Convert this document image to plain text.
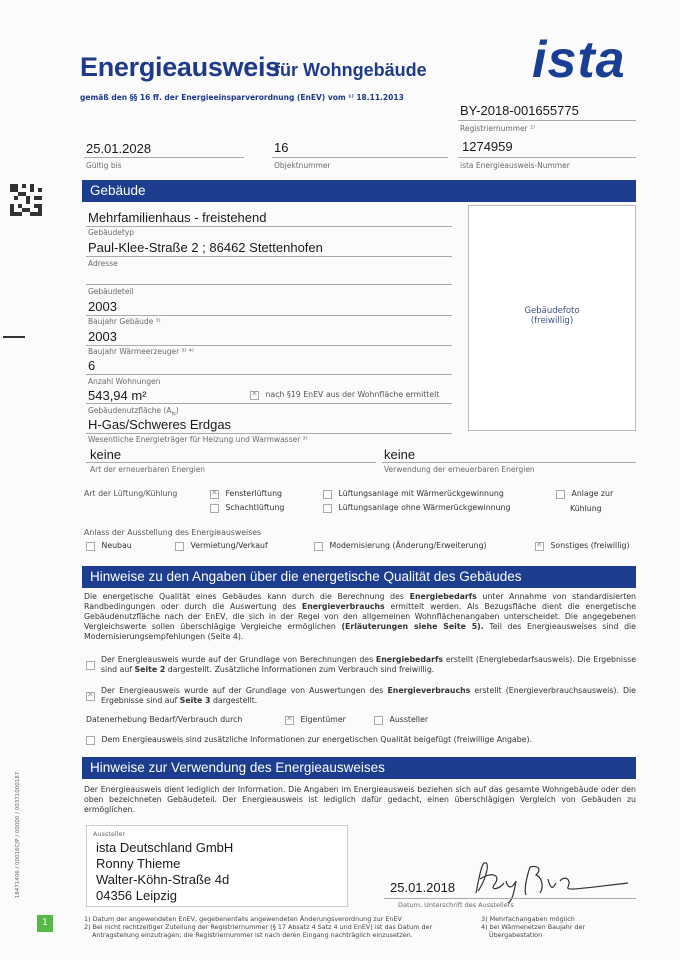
Energieausweis
für Wohngebäude
gemäß den §§ 16 ff. der Energieeinsparverordnung (EnEV) vom ¹⁾ 18.11.2013
ista
BY-2018-001655775
Registriernummer ²⁾
25.01.2028
Gültig bis
16
Objektnummer
1274959
ista Energieausweis-Nummer
Gebäude
Gebäudefoto
(freiwillig)
Mehrfamilienhaus - freistehend
Gebäudetyp
Paul-Klee-Straße 2 ; 86462 Stettenhofen
Adresse
Gebäudeteil
2003
Baujahr Gebäude ³⁾
2003
Baujahr Wärmeerzeuger ³⁾ ⁴⁾
6
Anzahl Wohnungen
543,94 m² ✕	nach §19 EnEV aus der Wohnfläche ermittelt
Gebäudenutzfläche $(A_N)$
H-Gas/Schweres Erdgas
Wesentliche Energieträger für Heizung und Warmwasser ³⁾
keine
Art der erneuerbaren Energien
keine
Verwendung der erneuerbaren Energien
Art der Lüftung/Kühlung ✕	Fensterlüftung
Schachtlüftung
Lüftungsanlage mit Wärmerückgewinnung
Lüftungsanlage ohne Wärmerückgewinnung
Anlage zur
Kühlung
Anlass der Ausstellung des Energieausweises
Neubau	Vermietung/Verkauf	Modernisierung (Änderung/Erweiterung) ✕	Sonstiges (freiwillig)
Hinweise zu den Angaben über die energetische Qualität des Gebäudes
Die energetische Qualität eines Gebäudes kann durch die Berechnung des Energiebedarfs unter Annahme von standardisierten Randbedingungen oder durch die Auswertung des Energieverbrauchs ermittelt werden. Als Bezugsfläche dient die energetische Gebäudenutzfläche nach der EnEV, die sich in der Regel von den allgemeinen Wohnflächenangaben unterscheidet. Die angegebenen Vergleichswerte sollen überschlägige Vergleiche ermöglichen (Erläuterungen siehe Seite 5). Teil des Energieausweises sind die Modernisierungsempfehlungen (Seite 4).
Der Energieausweis wurde auf der Grundlage von Berechnungen des Energiebedarfs erstellt (Energiebedarfsausweis). Die Ergebnisse sind auf Seite 2 dargestellt. Zusätzliche Informationen zum Verbrauch sind freiwillig.
✕
Der Energieausweis wurde auf der Grundlage von Auswertungen des Energieverbrauchs erstellt (Energieverbrauchsausweis). Die Ergebnisse sind auf Seite 3 dargestellt.
Datenerhebung Bedarf/Verbrauch durch ✕	Eigentümer	Aussteller
Dem Energieausweis sind zusätzliche Informationen zur energetischen Qualität beigefügt (freiwillige Angabe).
Hinweise zur Verwendung des Energieausweises
Der Energieausweis dient lediglich der Information. Die Angaben im Energieausweis beziehen sich auf das gesamte Wohngebäude oder den oben bezeichneten Gebäudeteil. Der Energieausweis ist lediglich dafür gedacht, einen überschlägigen Vergleich von Gebäuden zu ermöglichen.
Aussteller
ista Deutschland GmbH
Ronny Thieme
Walter-Köhn-Straße 4d
04356 Leipzig
25.01.2018
Datum, Unterschrift des Ausstellers
1) Datum der angewendeten EnEV, gegebenenfalls angewendeten Änderungsverordnung zur EnEV
2) Bei nicht rechtzeitiger Zuteilung der Registriernummer (§ 17 Absatz 4 Satz 4 und EnEV) ist das Datum der
Antragstellung einzutragen; die Registriernummer ist nach deren Eingang nachträglich einzusetzen.
3) Mehrfachangaben möglich
4) bei Wärmenetzen Baujahr der
Übergabestation
1
18471406 / 00016C/P / 00000 / 00371000187
